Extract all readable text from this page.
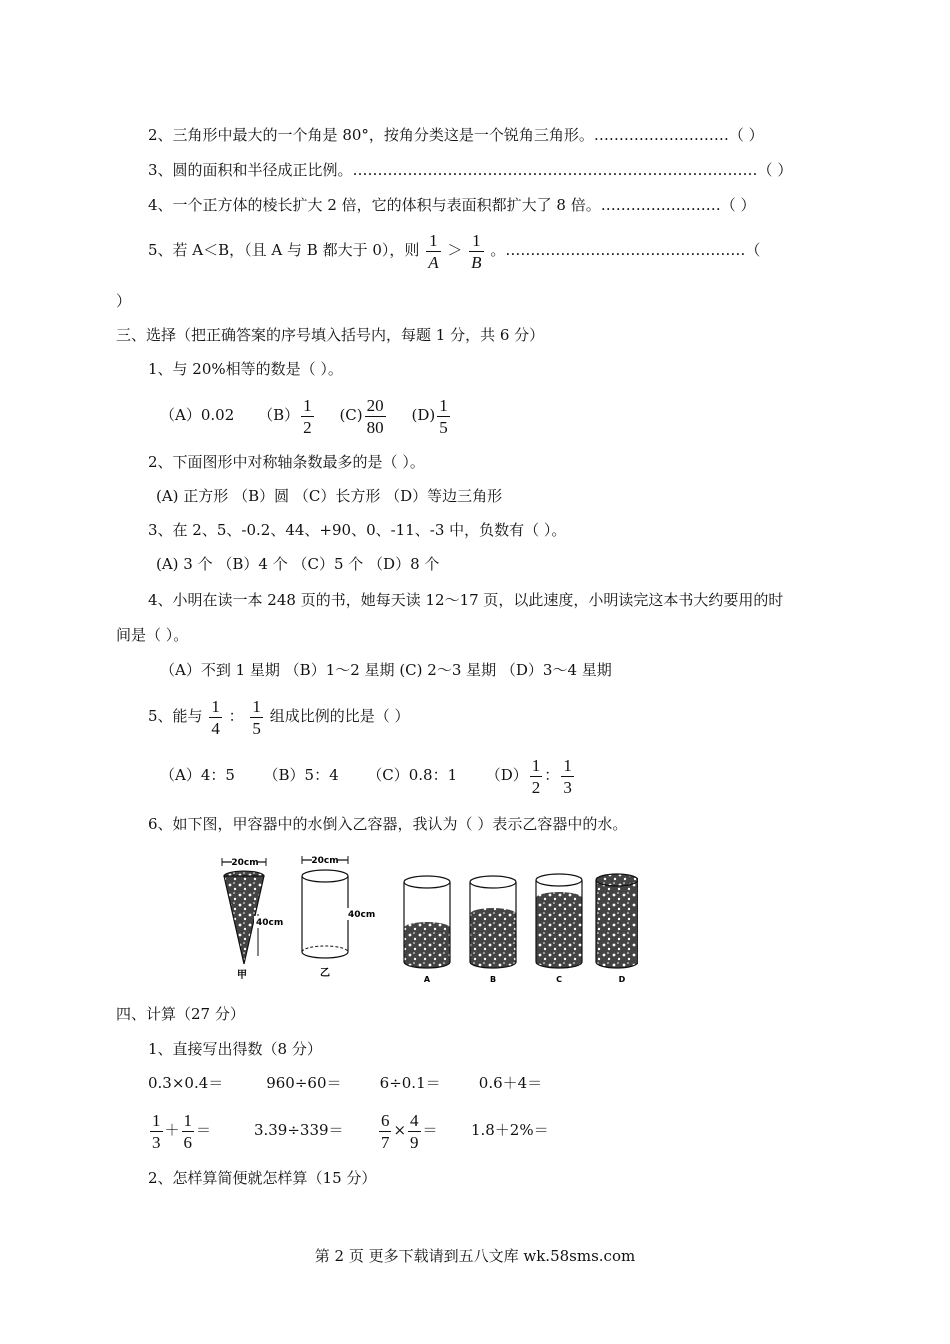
2、三角形中最大的一个角是 80°，按角分类这是一个锐角三角形。………………………（ ）
3、圆的面积和半径成正比例。………………………………………………………………………（ ）
4、一个正方体的棱长扩大 2 倍，它的体积与表面积都扩大了 8 倍。……………………（ ）
5、若 A＜B，（且 A 与 B 都大于 0），则 $\frac{1}{A} > \frac{1}{B}$ 。…………………………………………（
）
三、选择（把正确答案的序号填入括号内，每题 1 分，共 6 分）
1、与 20%相等的数是（ ）。
（A）0.02 $(B) \frac{1}{2} (C) \frac{20}{80} (D) \frac{1}{5}$
2、下面图形中对称轴条数最多的是（ ）。
(A) 正方形 （B）圆 （C）长方形 （D）等边三角形
3、在 2、5、-0.2、44、+90、0、-11、-3 中，负数有（ ）。
(A) 3 个 （B）4 个 （C）5 个 （D）8 个
4、小明在读一本 248 页的书，她每天读 12～17 页，以此速度，小明读完这本书大约要用的时
间是（ ）。
（A）不到 1 星期 （B）1～2 星期 (C) 2～3 星期 （D）3～4 星期
5、能与 $\frac{1}{4}$ ： $\frac{1}{5}$ 组成比例的比是（ ）
（A）4：5 （B）5：4 （C）0.8：1 $(D) \frac{1}{2}$ ： $\frac{1}{3}$
6、如下图，甲容器中的水倒入乙容器，我认为（ ）表示乙容器中的水。
20cm
40cm
甲
20cm
40cm
乙
A	B	C	D
四、计算（27 分）
1、直接写出得数（8 分）
0.3×0.4＝	960÷60＝	6÷0.1＝	0.6＋4＝
$\frac{1}{3} + \frac{1}{6}$ ＝	$3.39\div 339= \frac{6}{7} \times \frac{4}{9} = 1.8+2\%=$
2、怎样算简便就怎样算（15 分）
第 2 页 更多下载请到五八文库 wk.58sms.com
